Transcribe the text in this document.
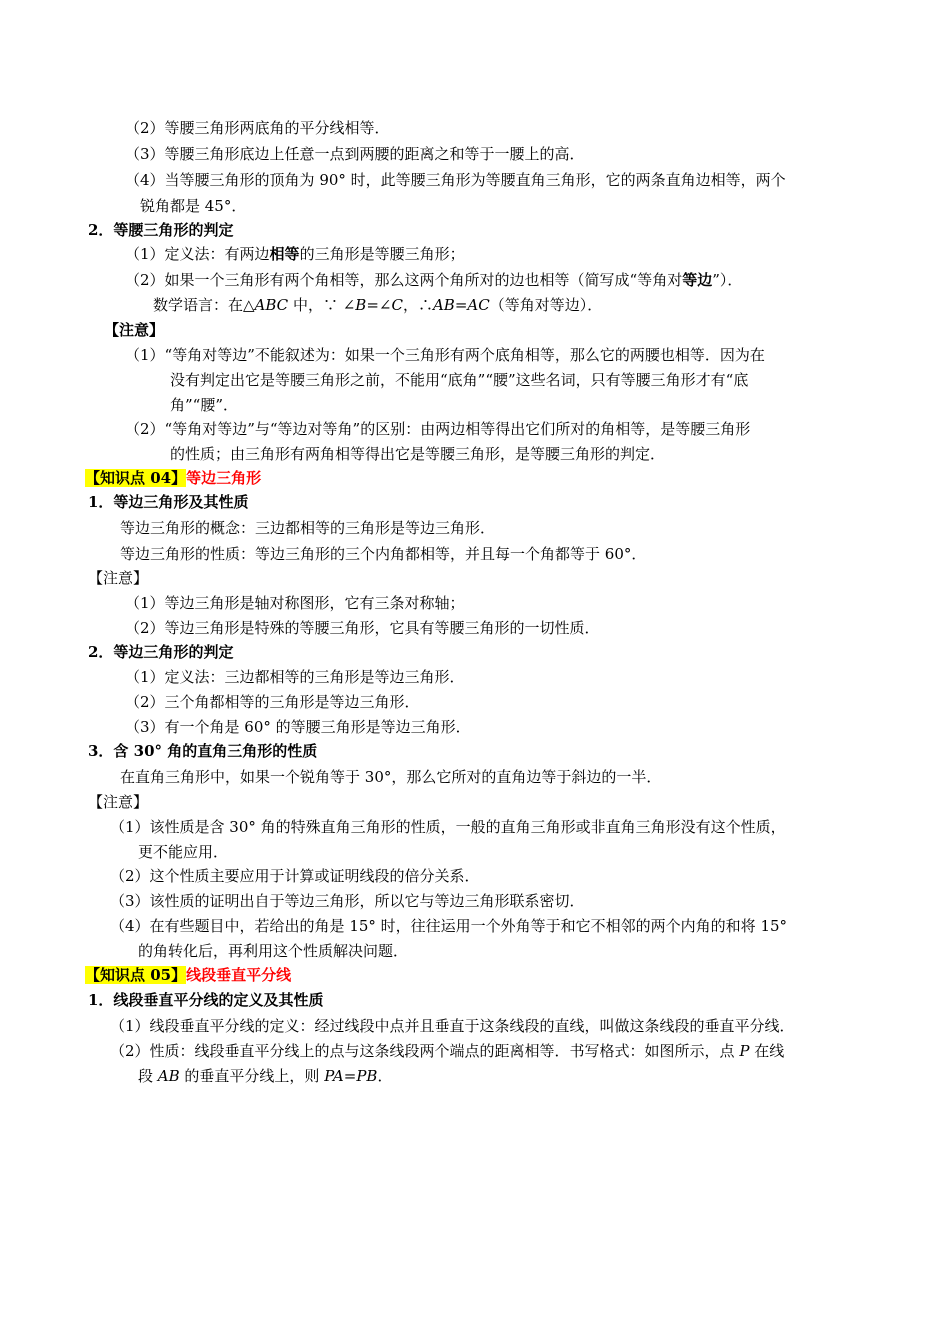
（2）等腰三角形两底角的平分线相等．
（3）等腰三角形底边上任意一点到两腰的距离之和等于一腰上的高．
（4）当等腰三角形的顶角为 90° 时，此等腰三角形为等腰直角三角形，它的两条直角边相等，两个
锐角都是 45°．
2．等腰三角形的判定
（1）定义法：有两边相等的三角形是等腰三角形；
（2）如果一个三角形有两个角相等，那么这两个角所对的边也相等（简写成“等角对等边”）．
数学语言：在△ABC 中，∵ ∠B=∠C，∴AB=AC（等角对等边）．
【注意】
（1）“等角对等边”不能叙述为：如果一个三角形有两个底角相等，那么它的两腰也相等．因为在
没有判定出它是等腰三角形之前，不能用“底角”“腰”这些名词，只有等腰三角形才有“底
角”“腰”．
（2）“等角对等边”与“等边对等角”的区别：由两边相等得出它们所对的角相等，是等腰三角形
的性质；由三角形有两角相等得出它是等腰三角形，是等腰三角形的判定．
【知识点 04】等边三角形
1．等边三角形及其性质
等边三角形的概念：三边都相等的三角形是等边三角形．
等边三角形的性质：等边三角形的三个内角都相等，并且每一个角都等于 60°．
【注意】
（1）等边三角形是轴对称图形，它有三条对称轴；
（2）等边三角形是特殊的等腰三角形，它具有等腰三角形的一切性质．
2．等边三角形的判定
（1）定义法：三边都相等的三角形是等边三角形．
（2）三个角都相等的三角形是等边三角形．
（3）有一个角是 60° 的等腰三角形是等边三角形．
3．含 30° 角的直角三角形的性质
在直角三角形中，如果一个锐角等于 30°，那么它所对的直角边等于斜边的一半．
【注意】
（1）该性质是含 30° 角的特殊直角三角形的性质，一般的直角三角形或非直角三角形没有这个性质，
更不能应用．
（2）这个性质主要应用于计算或证明线段的倍分关系．
（3）该性质的证明出自于等边三角形，所以它与等边三角形联系密切．
（4）在有些题目中，若给出的角是 15° 时，往往运用一个外角等于和它不相邻的两个内角的和将 15°
的角转化后，再利用这个性质解决问题．
【知识点 05】线段垂直平分线
1．线段垂直平分线的定义及其性质
（1）线段垂直平分线的定义：经过线段中点并且垂直于这条线段的直线，叫做这条线段的垂直平分线．
（2）性质：线段垂直平分线上的点与这条线段两个端点的距离相等．书写格式：如图所示，点 P 在线
段 AB 的垂直平分线上，则 PA=PB．
